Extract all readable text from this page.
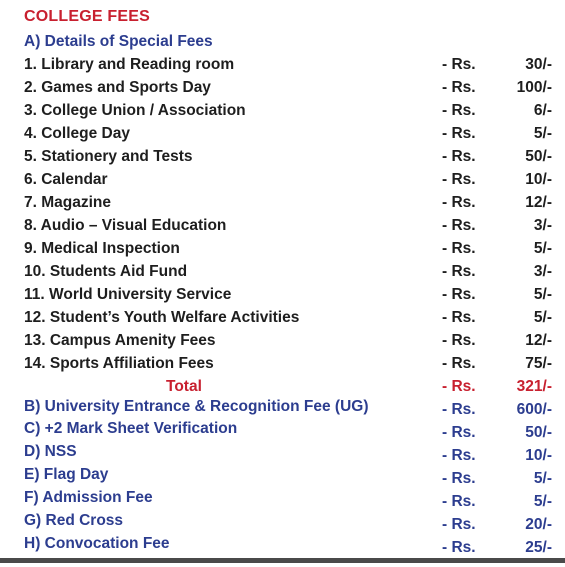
COLLEGE FEES
A) Details of Special Fees
1. Library and Reading room	- Rs.	30/-
2. Games and Sports Day	- Rs.	100/-
3. College Union / Association	- Rs.	6/-
4. College Day	- Rs.	5/-
5. Stationery and Tests	- Rs.	50/-
6. Calendar	- Rs.	10/-
7. Magazine	- Rs.	12/-
8. Audio – Visual Education	- Rs.	3/-
9. Medical Inspection	- Rs.	5/-
10. Students Aid Fund	- Rs.	3/-
11. World University Service	- Rs.	5/-
12. Student’s Youth Welfare Activities	- Rs.	5/-
13. Campus Amenity Fees	- Rs.	12/-
14. Sports Affiliation Fees	- Rs.	75/-
Total	- Rs.	321/-
B) University Entrance & Recognition Fee (UG)	- Rs.	600/-
C) +2 Mark Sheet Verification	- Rs.	50/-
D) NSS	- Rs.	10/-
E) Flag Day	- Rs.	5/-
F) Admission Fee	- Rs.	5/-
G) Red Cross	- Rs.	20/-
H) Convocation Fee	- Rs.	25/-
